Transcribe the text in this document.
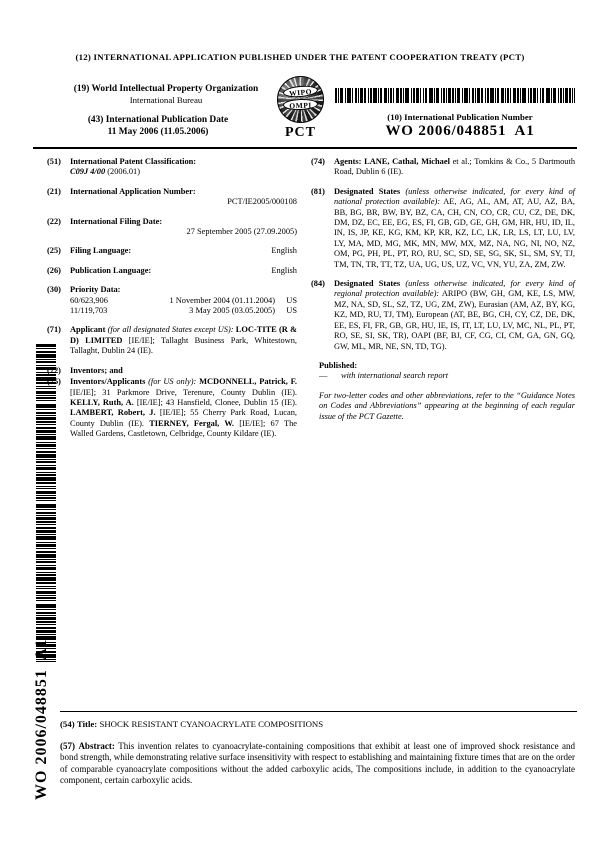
(12) INTERNATIONAL APPLICATION PUBLISHED UNDER THE PATENT COOPERATION TREATY (PCT)
(19) World Intellectual Property Organization
International Bureau
(43) International Publication Date
11 May 2006 (11.05.2006)
WIPO
OMPI
PCT
(10) International Publication Number
WO 2006/048851  A1
(51) International Patent Classification:
C09J 4/00 (2006.01)
(21) International Application Number:
PCT/IE2005/000108
(22) International Filing Date:
27 September 2005 (27.09.2005)
(25) Filing Language:	English
(26) Publication Language:	English
(30) Priority Data:
60/623,906	1 November 2004 (01.11.2004)	US
11/119,703	3 May 2005 (03.05.2005)	US
(71) Applicant (for all designated States except US): LOC-TITE (R & D) LIMITED [IE/IE]; Tallaght Business Park, Whitestown, Tallaght, Dublin 24 (IE).
(72) Inventors; and
(75) Inventors/Applicants (for US only): MCDONNELL, Patrick, F. [IE/IE]; 31 Parkmore Drive, Terenure, County Dublin (IE). KELLY, Ruth, A. [IE/IE]; 43 Hansfield, Clonee, Dublin 15 (IE). LAMBERT, Robert, J. [IE/IE]; 55 Cherry Park Road, Lucan, County Dublin (IE). TIERNEY, Fergal, W. [IE/IE]; 67 The Walled Gardens, Castletown, Celbridge, County Kildare (IE).
(74) Agents: LANE, Cathal, Michael et al.; Tomkins & Co., 5 Dartmouth Road, Dublin 6 (IE).
(81) Designated States (unless otherwise indicated, for every kind of national protection available): AE, AG, AL, AM, AT, AU, AZ, BA, BB, BG, BR, BW, BY, BZ, CA, CH, CN, CO, CR, CU, CZ, DE, DK, DM, DZ, EC, EE, EG, ES, FI, GB, GD, GE, GH, GM, HR, HU, ID, IL, IN, IS, JP, KE, KG, KM, KP, KR, KZ, LC, LK, LR, LS, LT, LU, LV, LY, MA, MD, MG, MK, MN, MW, MX, MZ, NA, NG, NI, NO, NZ, OM, PG, PH, PL, PT, RO, RU, SC, SD, SE, SG, SK, SL, SM, SY, TJ, TM, TN, TR, TT, TZ, UA, UG, US, UZ, VC, VN, YU, ZA, ZM, ZW.
(84) Designated States (unless otherwise indicated, for every kind of regional protection available): ARIPO (BW, GH, GM, KE, LS, MW, MZ, NA, SD, SL, SZ, TZ, UG, ZM, ZW), Eurasian (AM, AZ, BY, KG, KZ, MD, RU, TJ, TM), European (AT, BE, BG, CH, CY, CZ, DE, DK, EE, ES, FI, FR, GB, GR, HU, IE, IS, IT, LT, LU, LV, MC, NL, PL, PT, RO, SE, SI, SK, TR), OAPI (BF, BJ, CF, CG, CI, CM, GA, GN, GQ, GW, ML, MR, NE, SN, TD, TG).
Published:
—	with international search report
For two-letter codes and other abbreviations, refer to the “Guidance Notes on Codes and Abbreviations” appearing at the beginning of each regular issue of the PCT Gazette.
WO 2006/048851  A1 (54) Title: SHOCK RESISTANT CYANOACRYLATE COMPOSITIONS
(57) Abstract: This invention relates to cyanoacrylate-containing compositions that exhibit at least one of improved shock resistance and bond strength, while demonstrating relative surface insensitivity with respect to establishing and maintaining fixture times that are on the order of comparable cyanoacrylate compositions without the added carboxylic acids, The compositions include, in addition to the cyanoacrylate component, certain carboxylic acids.
